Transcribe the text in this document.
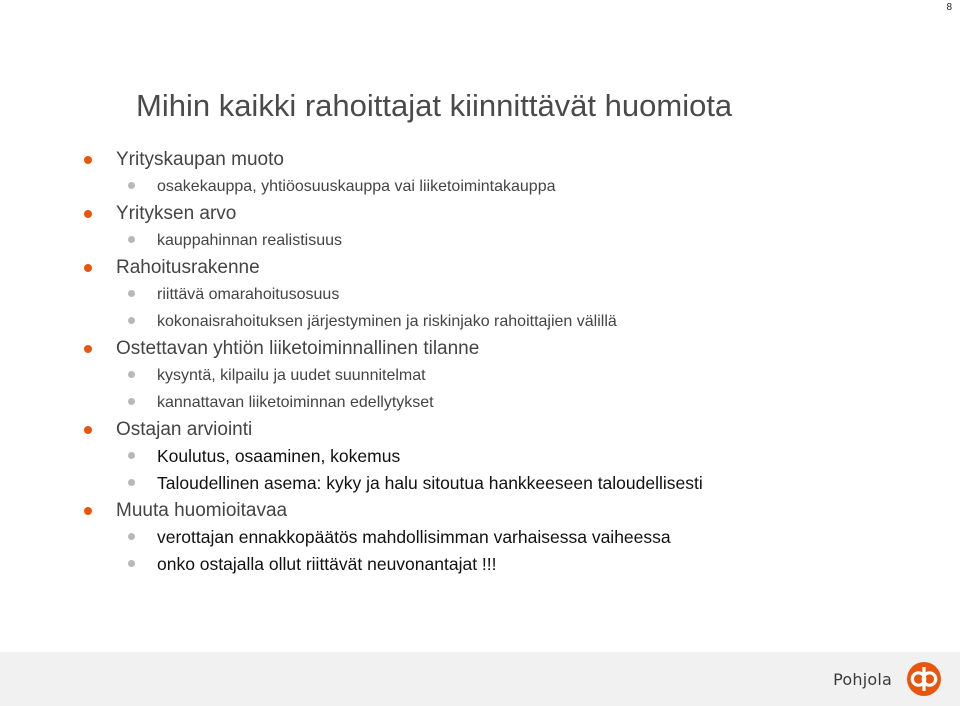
8
Mihin kaikki rahoittajat kiinnittävät huomiota
Yrityskaupan muoto
osakekauppa, yhtiöosuuskauppa vai liiketoimintakauppa
Yrityksen arvo
kauppahinnan realistisuus
Rahoitusrakenne
riittävä omarahoitusosuus
kokonaisrahoituksen järjestyminen ja riskinjako rahoittajien välillä
Ostettavan yhtiön liiketoiminnallinen tilanne
kysyntä, kilpailu ja uudet suunnitelmat
kannattavan liiketoiminnan edellytykset
Ostajan arviointi
Koulutus, osaaminen, kokemus
Taloudellinen asema: kyky ja halu sitoutua hankkeeseen taloudellisesti
Muuta huomioitavaa
verottajan ennakkopäätös mahdollisimman varhaisessa vaiheessa
onko ostajalla ollut riittävät neuvonantajat !!!
Pohjola
